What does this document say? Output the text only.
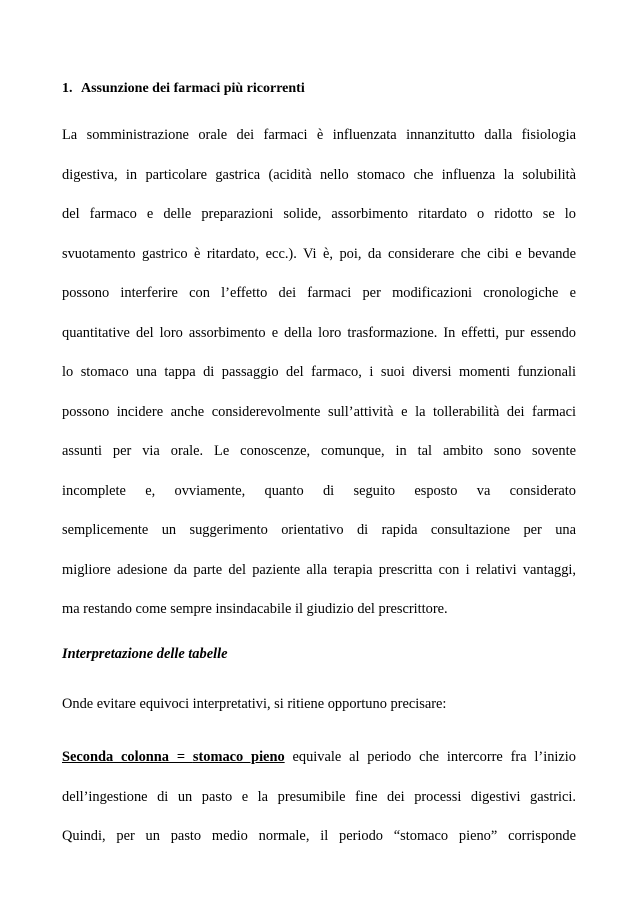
1. Assunzione dei farmaci più ricorrenti
La somministrazione orale dei farmaci è influenzata innanzitutto dalla fisiologia
digestiva, in particolare gastrica (acidità nello stomaco che influenza la solubilità
del farmaco e delle preparazioni solide, assorbimento ritardato o ridotto se lo
svuotamento gastrico è ritardato, ecc.). Vi è, poi, da considerare che cibi e bevande
possono interferire con l’effetto dei farmaci per modificazioni cronologiche e
quantitative del loro assorbimento e della loro trasformazione. In effetti, pur essendo
lo stomaco una tappa di passaggio del farmaco, i suoi diversi momenti funzionali
possono incidere anche considerevolmente sull’attività e la tollerabilità dei farmaci
assunti per via orale. Le conoscenze, comunque, in tal ambito sono sovente
incomplete e, ovviamente, quanto di seguito esposto va considerato
semplicemente un suggerimento orientativo di rapida consultazione per una
migliore adesione da parte del paziente alla terapia prescritta con i relativi vantaggi,
ma restando come sempre insindacabile il giudizio del prescrittore.
Interpretazione delle tabelle
Onde evitare equivoci interpretativi, si ritiene opportuno precisare:
Seconda colonna = stomaco pieno equivale al periodo che intercorre fra l’inizio
dell’ingestione di un pasto e la presumibile fine dei processi digestivi gastrici.
Quindi, per un pasto medio normale, il periodo “stomaco pieno” corrisponde
